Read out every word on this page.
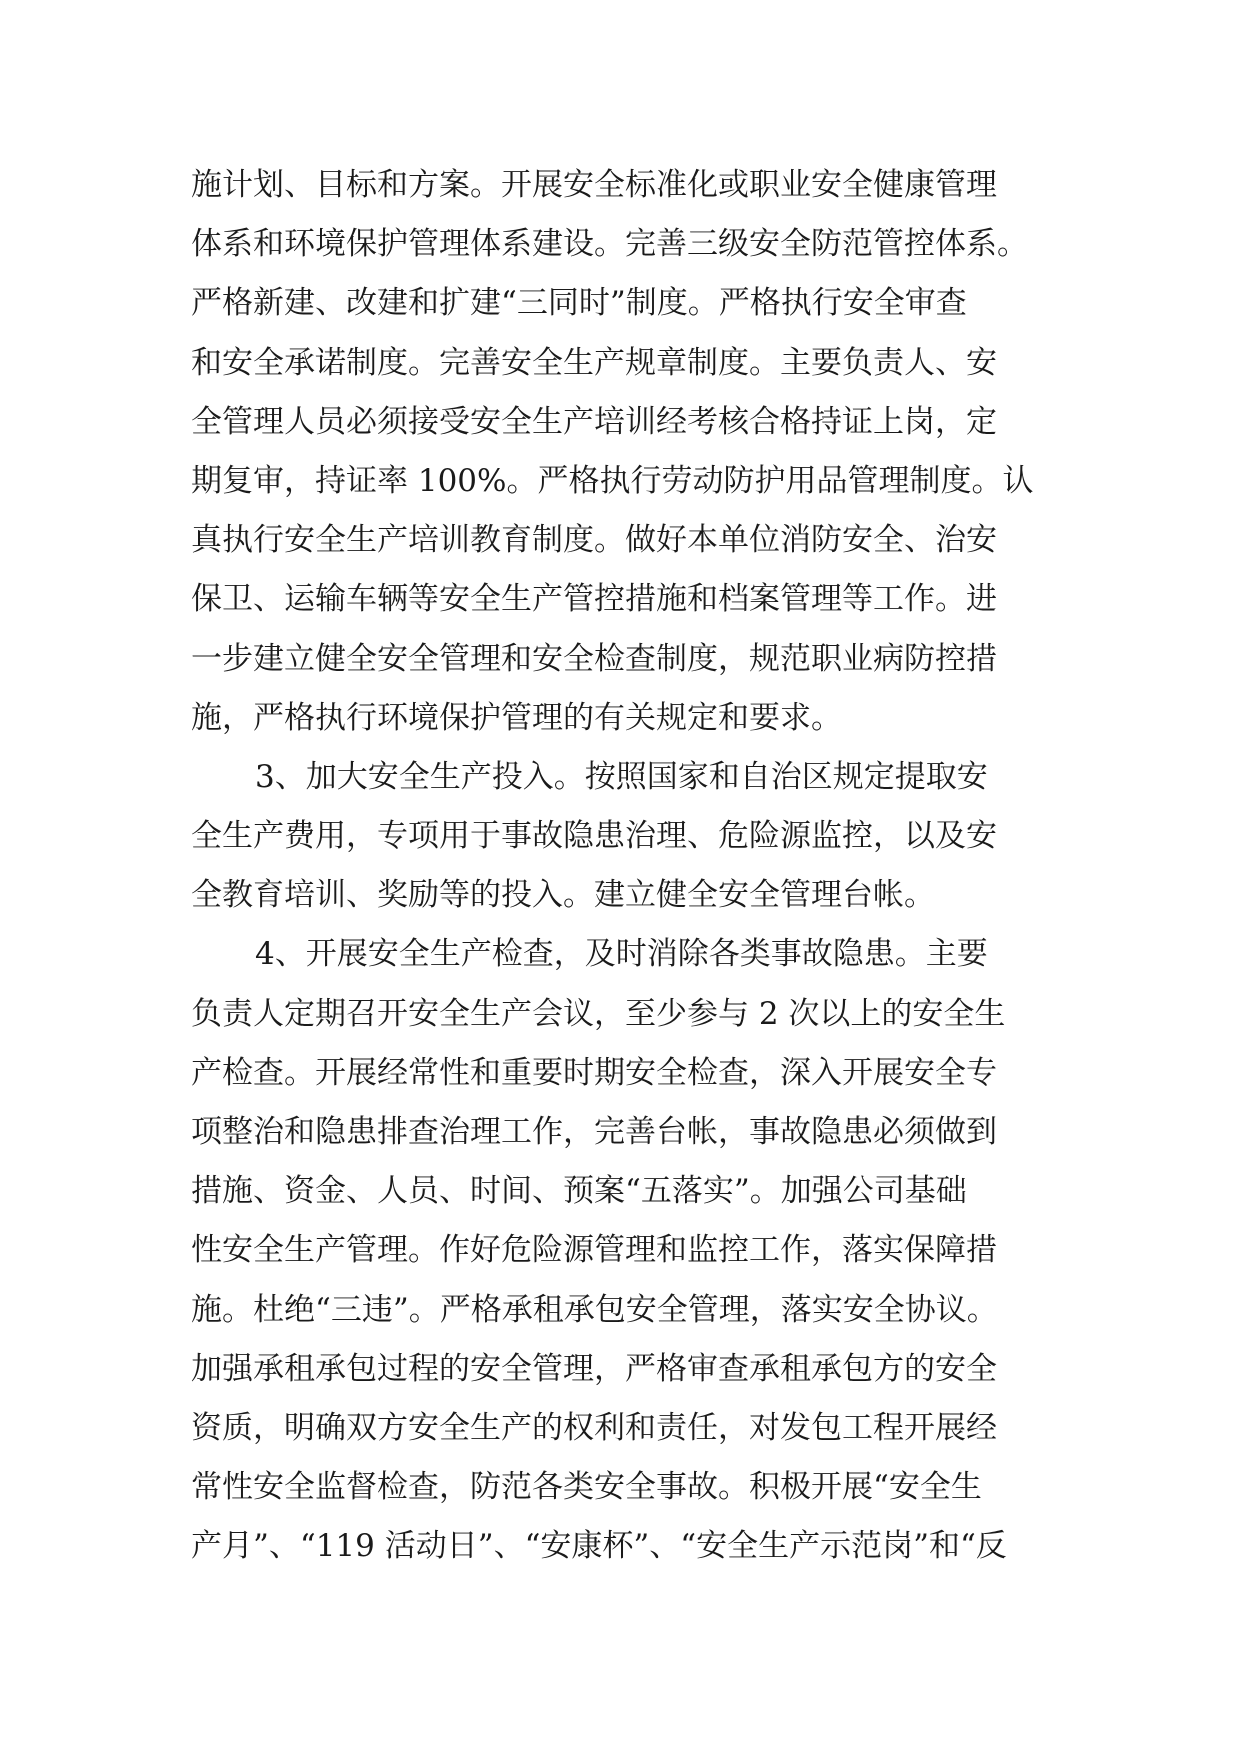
施计划、目标和方案。开展安全标准化或职业安全健康管理
体系和环境保护管理体系建设。完善三级安全防范管控体系。
严格新建、改建和扩建“三同时”制度。严格执行安全审查
和安全承诺制度。完善安全生产规章制度。主要负责人、安
全管理人员必须接受安全生产培训经考核合格持证上岗，定
期复审，持证率 100%。严格执行劳动防护用品管理制度。认
真执行安全生产培训教育制度。做好本单位消防安全、治安
保卫、运输车辆等安全生产管控措施和档案管理等工作。进
一步建立健全安全管理和安全检查制度，规范职业病防控措
施，严格执行环境保护管理的有关规定和要求。
3、加大安全生产投入。按照国家和自治区规定提取安
全生产费用，专项用于事故隐患治理、危险源监控，以及安
全教育培训、奖励等的投入。建立健全安全管理台帐。
4、开展安全生产检查，及时消除各类事故隐患。主要
负责人定期召开安全生产会议，至少参与 2 次以上的安全生
产检查。开展经常性和重要时期安全检查，深入开展安全专
项整治和隐患排查治理工作，完善台帐，事故隐患必须做到
措施、资金、人员、时间、预案“五落实”。加强公司基础
性安全生产管理。作好危险源管理和监控工作，落实保障措
施。杜绝“三违”。严格承租承包安全管理，落实安全协议。
加强承租承包过程的安全管理，严格审查承租承包方的安全
资质，明确双方安全生产的权利和责任，对发包工程开展经
常性安全监督检查，防范各类安全事故。积极开展“安全生
产月”、“119 活动日”、“安康杯”、“安全生产示范岗”和“反
